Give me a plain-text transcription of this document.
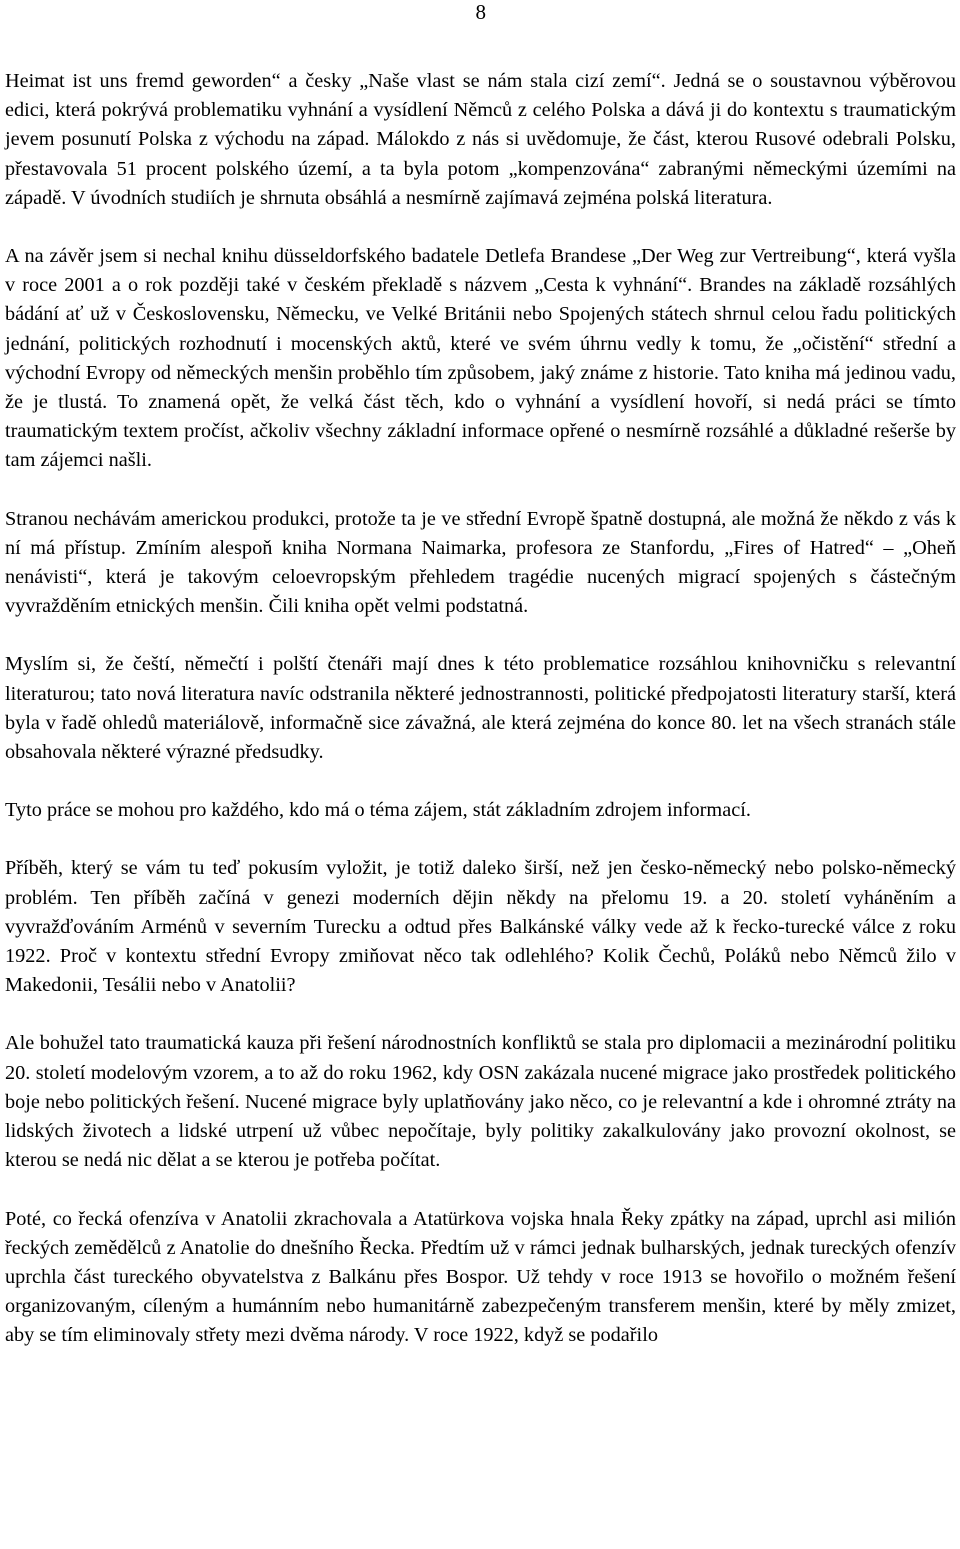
8

Heimat ist uns fremd geworden“ a česky „Naše vlast se nám stala cizí zemí“. Jedná se o soustavnou výběrovou edici, která pokrývá problematiku vyhnání a vysídlení Němců z celého Polska a dává ji do kontextu s traumatickým jevem posunutí Polska z východu na západ. Málokdo z nás si uvědomuje, že část, kterou Rusové odebrali Polsku, přestavovala 51 procent polského území, a ta byla potom „kompenzována“ zabranými německými územími na západě. V úvodních studiích je shrnuta obsáhlá a nesmírně zajímavá zejména polská literatura.

A na závěr jsem si nechal knihu düsseldorfského badatele Detlefa Brandese „Der Weg zur Vertreibung“, která vyšla v roce 2001 a o rok později také v českém překladě s názvem „Cesta k vyhnání“. Brandes na základě rozsáhlých bádání ať už v Československu, Německu, ve Velké Británii nebo Spojených státech shrnul celou řadu politických jednání, politických rozhodnutí i mocenských aktů, které ve svém úhrnu vedly k tomu, že „očistění“ střední a východní Evropy od německých menšin proběhlo tím způsobem, jaký známe z historie. Tato kniha má jedinou vadu, že je tlustá. To znamená opět, že velká část těch, kdo o vyhnání a vysídlení hovoří, si nedá práci se tímto traumatickým textem pročíst, ačkoliv všechny základní informace opřené o nesmírně rozsáhlé a důkladné rešerše by tam zájemci našli.

Stranou nechávám americkou produkci, protože ta je ve střední Evropě špatně dostupná, ale možná že někdo z vás k ní má přístup. Zmíním alespoň kniha Normana Naimarka, profesora ze Stanfordu, „Fires of Hatred“ – „Oheň nenávisti“, která je takovým celoevropským přehledem tragédie nucených migrací spojených s částečným vyvražděním etnických menšin. Čili kniha opět velmi podstatná.

Myslím si, že čeští, němečtí i polští čtenáři mají dnes k této problematice rozsáhlou knihovničku s relevantní literaturou; tato nová literatura navíc odstranila některé jednostrannosti, politické předpojatosti literatury starší, která byla v řadě ohledů materiálově, informačně sice závažná, ale která zejména do konce 80. let na všech stranách stále obsahovala některé výrazné předsudky.

Tyto práce se mohou pro každého, kdo má o téma zájem, stát základním zdrojem informací.

Příběh, který se vám tu teď pokusím vyložit, je totiž daleko širší, než jen česko-německý nebo polsko-německý problém. Ten příběh začíná v genezi moderních dějin někdy na přelomu 19. a 20. století vyháněním a vyvražďováním Arménů v severním Turecku a odtud přes Balkánské války vede až k řecko-turecké válce z roku 1922. Proč v kontextu střední Evropy zmiňovat něco tak odlehlého? Kolik Čechů, Poláků nebo Němců žilo v Makedonii, Tesálii nebo v Anatolii?

Ale bohužel tato traumatická kauza při řešení národnostních konfliktů se stala pro diplomacii a mezinárodní politiku 20. století modelovým vzorem, a to až do roku 1962, kdy OSN zakázala nucené migrace jako prostředek politického boje nebo politických řešení. Nucené migrace byly uplatňovány jako něco, co je relevantní a kde i ohromné ztráty na lidských životech a lidské utrpení už vůbec nepočítaje, byly politiky zakalkulovány jako provozní okolnost, se kterou se nedá nic dělat a se kterou je potřeba počítat.

Poté, co řecká ofenzíva v Anatolii zkrachovala a Atatürkova vojska hnala Řeky zpátky na západ, uprchl asi milión řeckých zemědělců z Anatolie do dnešního Řecka. Předtím už v rámci jednak bulharských, jednak tureckých ofenzív uprchla část tureckého obyvatelstva z Balkánu přes Bospor. Už tehdy v roce 1913 se hovořilo o možném řešení organizovaným, cíleným a humánním nebo humanitárně zabezpečeným transferem menšin, které by měly zmizet, aby se tím eliminovaly střety mezi dvěma národy. V roce 1922, když se podařilo
